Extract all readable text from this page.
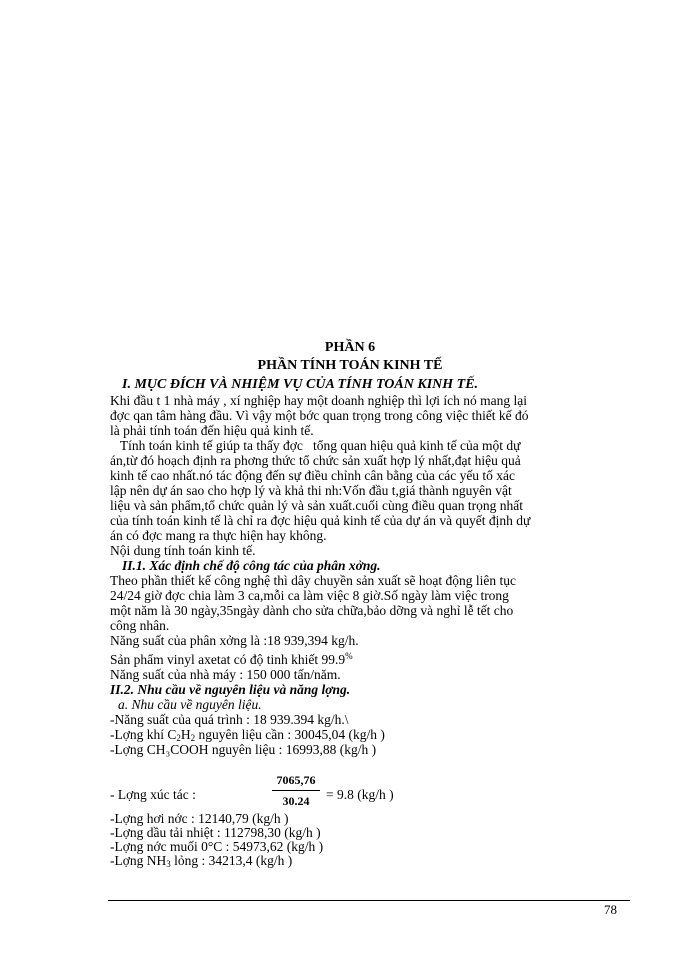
PHẦN 6
PHẦN TÍNH TOÁN KINH TẾ
I. MỤC ĐÍCH VÀ NHIỆM VỤ CỦA TÍNH TOÁN KINH TẾ.
Khi đầu t 1 nhà máy , xí nghiệp hay một doanh nghiệp thì lợi ích nó mang lại
đợc qan tâm hàng đầu. Vì vậy một bớc quan trọng trong công việc thiết kế đó
là phải tính toán đến hiệu quả kinh tế.
Tính toán kinh tế giúp ta thấy đợc   tổng quan hiệu quả kinh tế của một dự
án,từ đó hoạch định ra phơng thức tổ chức sản xuất hợp lý nhất,đạt hiệu quả
kinh tế cao nhất.nó tác động đến sự điều chỉnh cân bằng của các yếu tố xác
lập nên dự án sao cho hợp lý và khả thi nh:Vốn đầu t,giá thành nguyên vật
liệu và sản phẩm,tổ chức quản lý và sản xuất.cuối cùng điều quan trọng nhất
của tính toán kinh tế là chỉ ra đợc hiệu quả kinh tế của dự án và quyết định dự
án có đợc mang ra thực hiện hay không.
Nội dung tính toán kinh tế.
II.1. Xác định chế độ công tác của phân xởng.
Theo phần thiết kế công nghệ thì dây chuyền sản xuất sẽ hoạt động liên tục
24/24 giờ đợc chia làm 3 ca,mỗi ca làm việc 8 giờ.Số ngày làm việc trong
một năm là 30 ngày,35ngày dành cho sửa chữa,bảo dỡng và nghỉ lễ tết cho
công nhân.
Năng suất của phân xởng là :18 939,394 kg/h.
Sản phẩm vinyl axetat có độ tinh khiết 99.9%
Năng suất của nhà máy : 150 000 tấn/năm.
II.2. Nhu cầu về nguyên liệu và năng lợng.
a. Nhu cầu về nguyên liệu.
-Năng suất của quá trình : 18 939.394 kg/h.\
-Lợng khí $C_2H_2$ nguyên liệu cần : 30045,04 (kg/h )
-Lợng CH₃COOH nguyên liệu : 16993,88 (kg/h )
- Lợng xúc tác :	$\frac{7065,76}{30.24} = 9.8$ (kg/h )
-Lợng hơi nớc : 12140,79 (kg/h )
-Lợng dầu tải nhiệt : 112798,30 (kg/h )
-Lợng nớc muối 0°C : 54973,62 (kg/h )
-Lợng $NH_3$ lỏng : 34213,4 (kg/h )
78
